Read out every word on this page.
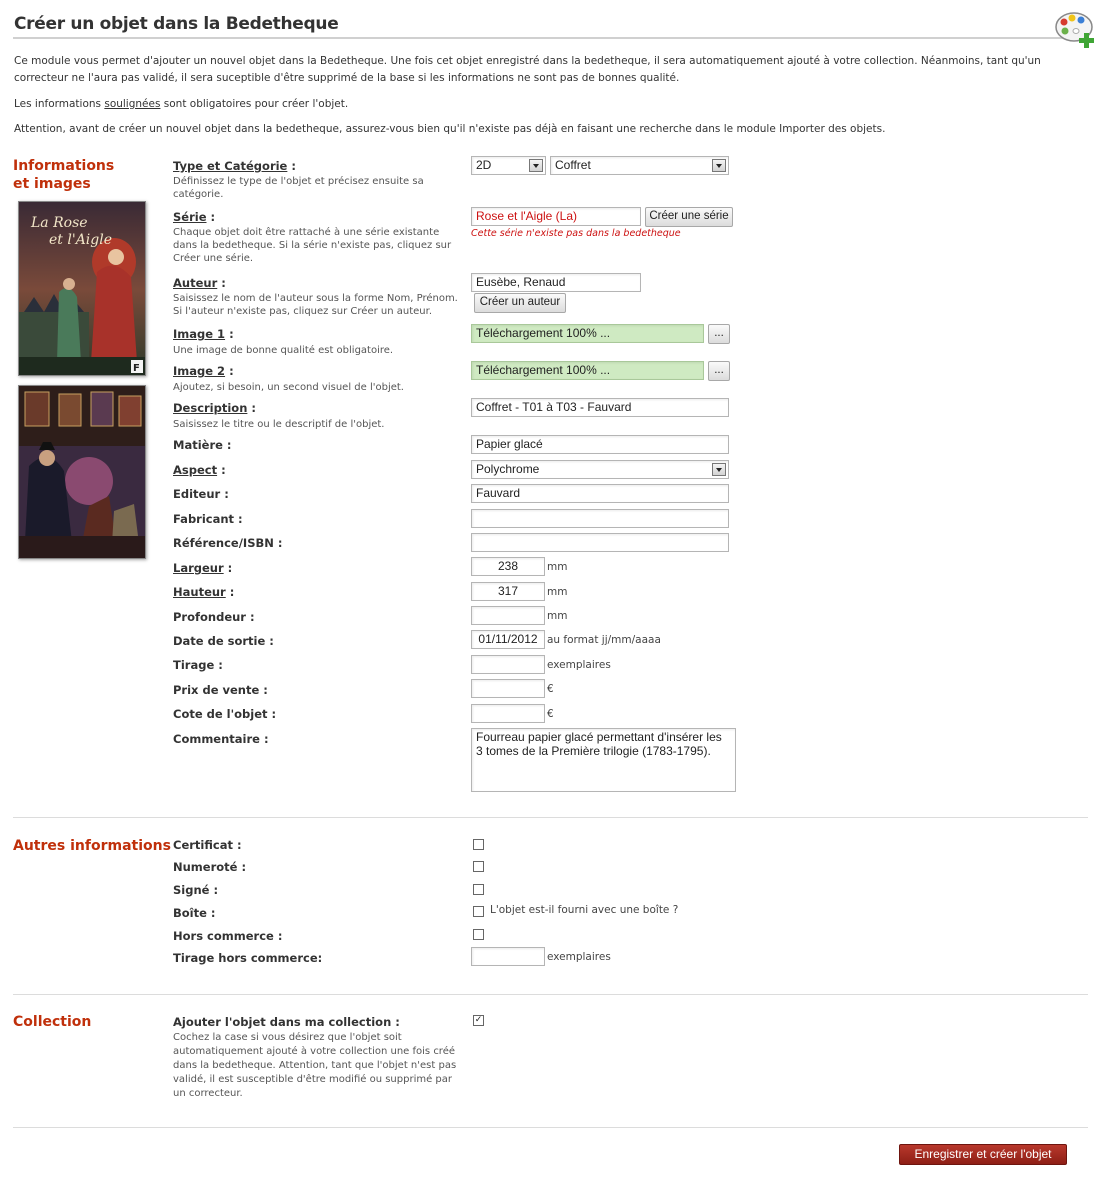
Créer un objet dans la Bedetheque

Ce module vous permet d'ajouter un nouvel objet dans la Bedetheque. Une fois cet objet enregistré dans la bedetheque, il sera automatiquement ajouté à votre collection. Néanmoins, tant qu'un correcteur ne l'aura pas validé, il sera suceptible d'être supprimé de la base si les informations ne sont pas de bonnes qualité.

Les informations soulignées sont obligatoires pour créer l'objet.

Attention, avant de créer un nouvel objet dans la bedetheque, assurez-vous bien qu'il n'existe pas déjà en faisant une recherche dans le module Importer des objets.

Informations
et images
La Rose
et l'Aigle
F
Type et Catégorie :
Définissez le type de l'objet et précisez ensuite sa catégorie.
2D	Coffret
Série :
Chaque objet doit être rattaché à une série existante dans la bedetheque. Si la série n'existe pas, cliquez sur Créer une série.
Rose et l'Aigle (La)	Créer une série
Cette série n'existe pas dans la bedetheque
Auteur :
Saisissez le nom de l'auteur sous la forme Nom, Prénom. Si l'auteur n'existe pas, cliquez sur Créer un auteur.
Eusèbe, Renaud
Créer un auteur
Image 1 :
Une image de bonne qualité est obligatoire.
Téléchargement 100% ...	...
Image 2 :
Ajoutez, si besoin, un second visuel de l'objet.
Téléchargement 100% ...	...
Description :
Saisissez le titre ou le descriptif de l'objet.
Coffret - T01 à T03 - Fauvard
Matière :	Papier glacé
Aspect :	Polychrome
Editeur :	Fauvard
Fabricant :
Référence/ISBN :
Largeur :	238	mm
Hauteur :	317	mm
Profondeur :	mm
Date de sortie :	01/11/2012 au format jj/mm/aaaa
Tirage :	exemplaires
Prix de vente :	€
Cote de l'objet :	€
Commentaire :	Fourreau papier glacé permettant d'insérer les 3 tomes de la Première trilogie (1783-1795).
Autres informations Certificat :
Numeroté :
Signé :
Boîte :	L'objet est-il fourni avec une boîte ?
Hors commerce :
Tirage hors commerce:	exemplaires
Collection	Ajouter l'objet dans ma collection :
Cochez la case si vous désirez que l'objet soit automatiquement ajouté à votre collection une fois créé dans la bedetheque. Attention, tant que l'objet n'est pas validé, il est susceptible d'être modifié ou supprimé par un correcteur.
✓
Enregistrer et créer l'objet
